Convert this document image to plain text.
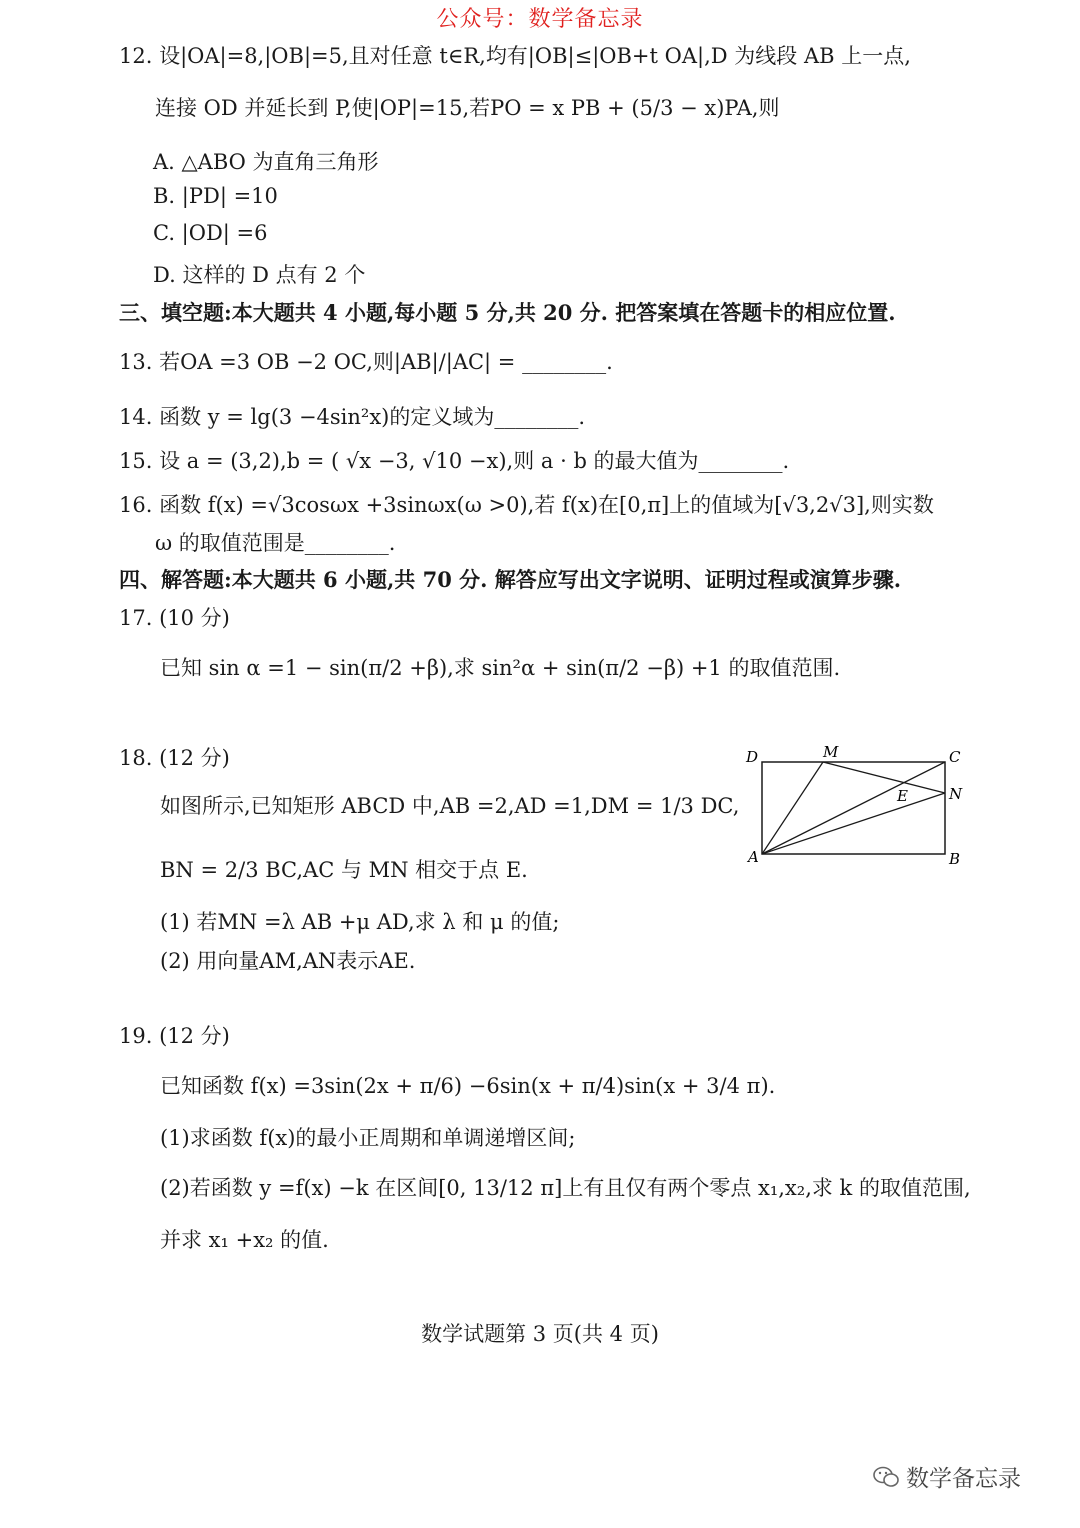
公众号：数学备忘录
12. 设|OA|=8,|OB|=5,且对任意 t∈R,均有|OB|≤|OB+t OA|,D 为线段 AB 上一点,
连接 OD 并延长到 P,使|OP|=15,若PO = x PB + (5/3 − x)PA,则
A. △ABO 为直角三角形
B. |PD| =10
C. |OD| =6
D. 这样的 D 点有 2 个
三、填空题:本大题共 4 小题,每小题 5 分,共 20 分. 把答案填在答题卡的相应位置.
13. 若OA =3 OB −2 OC,则|AB|/|AC| = ________.
14. 函数 y = lg(3 −4sin²x)的定义域为________.
15. 设 a = (3,2),b = ( √x −3, √10 −x),则 a · b 的最大值为________.
16. 函数 f(x) =√3cosωx +3sinωx(ω >0),若 f(x)在[0,π]上的值域为[√3,2√3],则实数
ω 的取值范围是________.
四、解答题:本大题共 6 小题,共 70 分. 解答应写出文字说明、证明过程或演算步骤.
17. (10 分)
已知 sin α =1 − sin(π/2 +β),求 sin²α + sin(π/2 −β) +1 的取值范围.
18. (12 分)
如图所示,已知矩形 ABCD 中,AB =2,AD =1,DM = 1/3 DC,
BN = 2/3 BC,AC 与 MN 相交于点 E.
(1) 若MN =λ AB +μ AD,求 λ 和 μ 的值;
(2) 用向量AM,AN表示AE.
D	M	C
E	N
A	B
19. (12 分)
已知函数 f(x) =3sin(2x + π/6) −6sin(x + π/4)sin(x + 3/4 π).
(1)求函数 f(x)的最小正周期和单调递增区间;
(2)若函数 y =f(x) −k 在区间[0, 13/12 π]上有且仅有两个零点 x₁,x₂,求 k 的取值范围,
并求 x₁ +x₂ 的值.
数学试题第 3 页(共 4 页)
数学备忘录
